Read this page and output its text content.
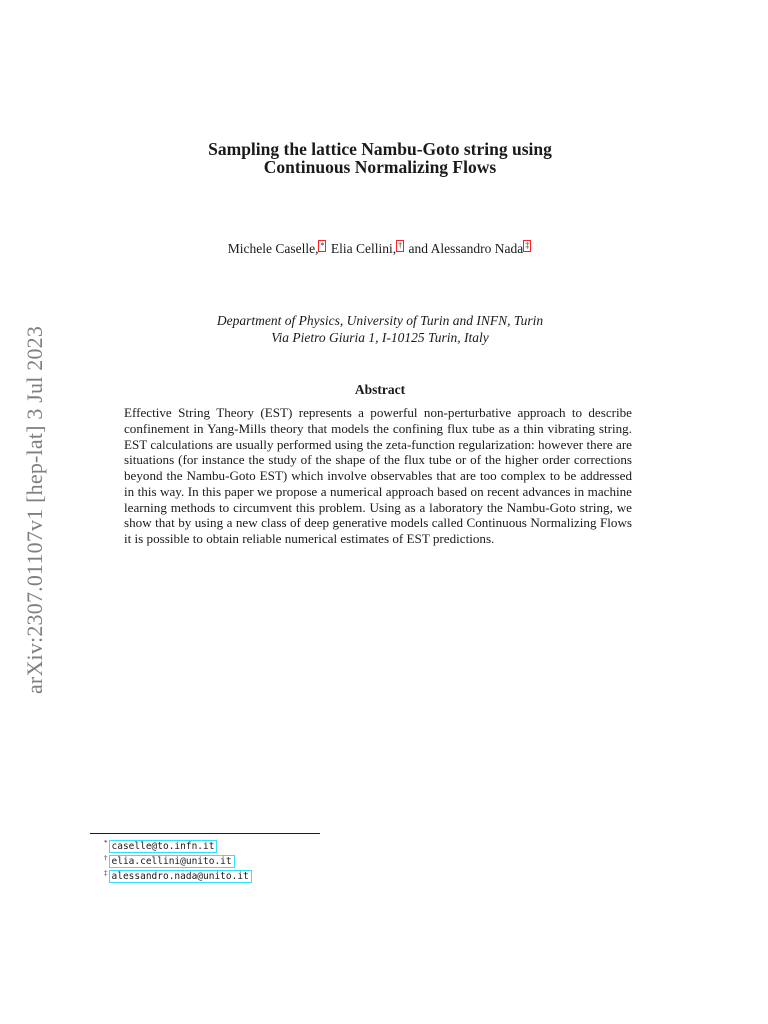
arXiv:2307.01107v1 [hep-lat] 3 Jul 2023
Sampling the lattice Nambu-Goto string using
Continuous Normalizing Flows
Michele Caselle, * Elia Cellini, † and Alessandro Nada ‡
Department of Physics, University of Turin and INFN, Turin
Via Pietro Giuria 1, I-10125 Turin, Italy
Abstract
Effective String Theory (EST) represents a powerful non-perturbative approach to describe confinement in Yang-Mills theory that models the confining flux tube as a thin vibrating string. EST calculations are usually performed using the zeta-function regularization: however there are situations (for instance the study of the shape of the flux tube or of the higher order corrections beyond the Nambu-Goto EST) which involve observables that are too complex to be addressed in this way. In this paper we propose a numerical approach based on recent advances in machine learning methods to circumvent this problem. Using as a laboratory the Nambu-Goto string, we show that by using a new class of deep generative models called Continuous Normalizing Flows it is possible to obtain reliable numerical estimates of EST predictions.
* caselle@to.infn.it
† elia.cellini@unito.it
‡ alessandro.nada@unito.it
